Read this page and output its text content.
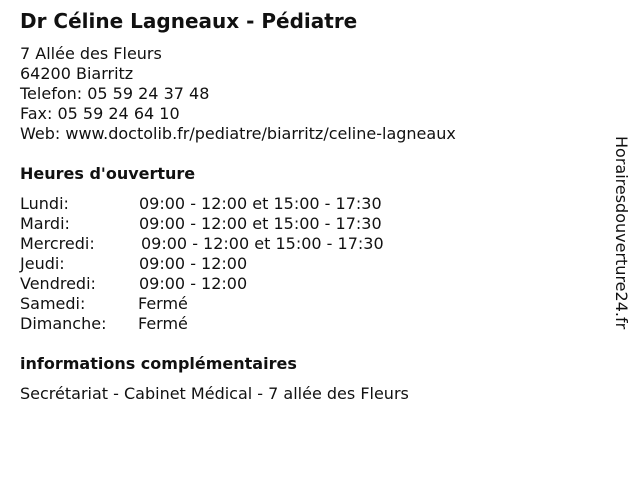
Dr Céline Lagneaux - Pédiatre
7 Allée des Fleurs
64200 Biarritz
Telefon: 05 59 24 37 48
Fax: 05 59 24 64 10
Web: www.doctolib.fr/pediatre/biarritz/celine-lagneaux
Heures d'ouverture
Lundi:	09:00 - 12:00 et 15:00 - 17:30
Mardi:	09:00 - 12:00 et 15:00 - 17:30
Mercredi:	09:00 - 12:00 et 15:00 - 17:30
Jeudi:	09:00 - 12:00
Vendredi:	09:00 - 12:00
Samedi:	Fermé
Dimanche: Fermé
informations complémentaires
Secrétariat - Cabinet Médical - 7 allée des Fleurs
Horairesdouverture24.fr
